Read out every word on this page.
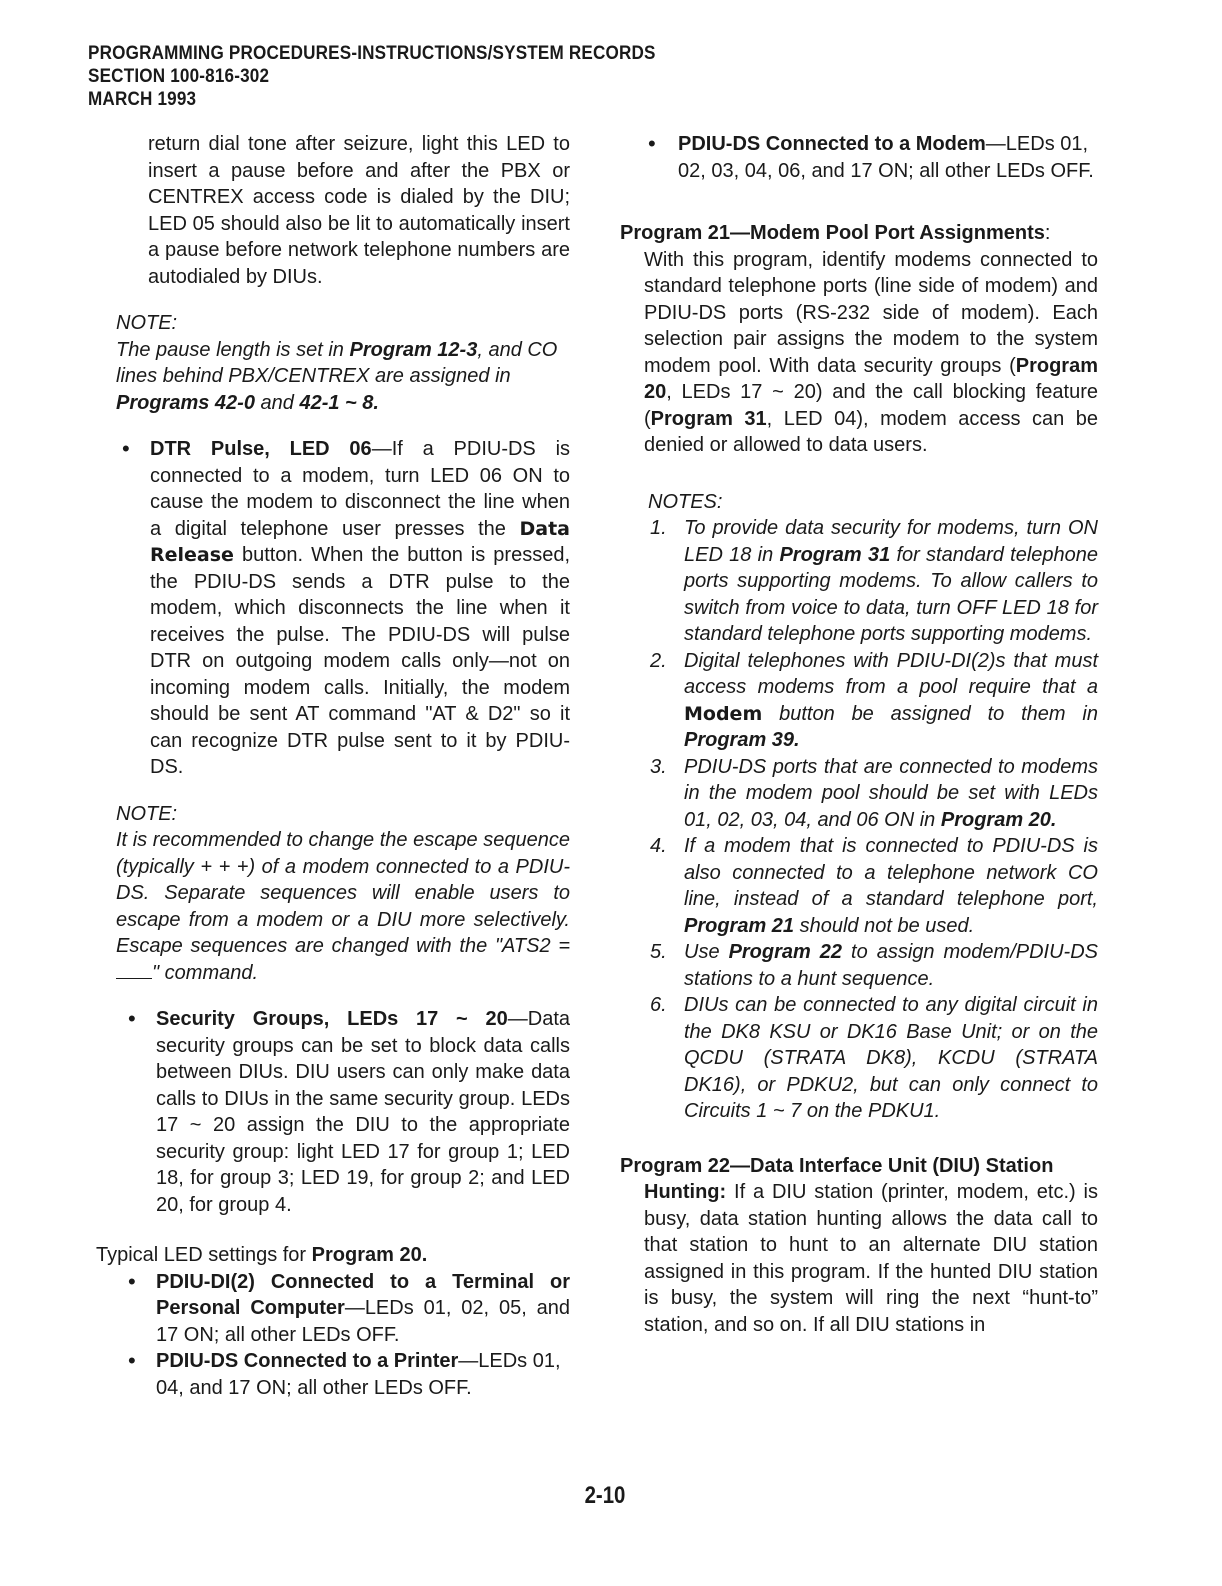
PROGRAMMING PROCEDURES-INSTRUCTIONS/SYSTEM RECORDS
SECTION 100-816-302
MARCH 1993
return dial tone after seizure, light this LED to insert a pause before and after the PBX or CENTREX access code is dialed by the DIU; LED 05 should also be lit to automatically insert a pause before network telephone numbers are autodialed by DIUs.
NOTE:
The pause length is set in Program 12-3, and CO lines behind PBX/CENTREX are assigned in Programs 42-0 and 42-1 ~ 8.
• DTR Pulse, LED 06—If a PDIU-DS is connected to a modem, turn LED 06 ON to cause the modem to disconnect the line when a digital telephone user presses the Data Release button. When the button is pressed, the PDIU-DS sends a DTR pulse to the modem, which disconnects the line when it receives the pulse. The PDIU-DS will pulse DTR on outgoing modem calls only—not on incoming modem calls. Initially, the modem should be sent AT command "AT & D2" so it can recognize DTR pulse sent to it by PDIU-DS.
NOTE:
It is recommended to change the escape sequence (typically + + +) of a modem connected to a PDIU-DS. Separate sequences will enable users to escape from a modem or a DIU more selectively. Escape sequences are changed with the "ATS2 = " command.
• Security Groups, LEDs 17 ~ 20—Data security groups can be set to block data calls between DIUs. DIU users can only make data calls to DIUs in the same security group. LEDs 17 ~ 20 assign the DIU to the appropriate security group: light LED 17 for group 1; LED 18, for group 3; LED 19, for group 2; and LED 20, for group 4.
Typical LED settings for Program 20.
• PDIU-DI(2) Connected to a Terminal or Personal Computer—LEDs 01, 02, 05, and 17 ON; all other LEDs OFF.
• PDIU-DS Connected to a Printer—LEDs 01, 04, and 17 ON; all other LEDs OFF.
• PDIU-DS Connected to a Modem—LEDs 01, 02, 03, 04, 06, and 17 ON; all other LEDs OFF.
Program 21—Modem Pool Port Assignments:
With this program, identify modems connected to standard telephone ports (line side of modem) and PDIU-DS ports (RS-232 side of modem). Each selection pair assigns the modem to the system modem pool. With data security groups (Program 20, LEDs 17 ~ 20) and the call blocking feature (Program 31, LED 04), modem access can be denied or allowed to data users.
NOTES:
1. To provide data security for modems, turn ON LED 18 in Program 31 for standard telephone ports supporting modems. To allow callers to switch from voice to data, turn OFF LED 18 for standard telephone ports supporting modems.
2. Digital telephones with PDIU-DI(2)s that must access modems from a pool require that a Modem button be assigned to them in Program 39.
3. PDIU-DS ports that are connected to modems in the modem pool should be set with LEDs 01, 02, 03, 04, and 06 ON in Program 20.
4. If a modem that is connected to PDIU-DS is also connected to a telephone network CO line, instead of a standard telephone port, Program 21 should not be used.
5. Use Program 22 to assign modem/PDIU-DS stations to a hunt sequence.
6. DIUs can be connected to any digital circuit in the DK8 KSU or DK16 Base Unit; or on the QCDU (STRATA DK8), KCDU (STRATA DK16), or PDKU2, but can only connect to Circuits 1 ~ 7 on the PDKU1.
Program 22—Data Interface Unit (DIU) Station
Hunting: If a DIU station (printer, modem, etc.) is busy, data station hunting allows the data call to that station to hunt to an alternate DIU station assigned in this program. If the hunted DIU station is busy, the system will ring the next “hunt-to” station, and so on. If all DIU stations in
2-10
